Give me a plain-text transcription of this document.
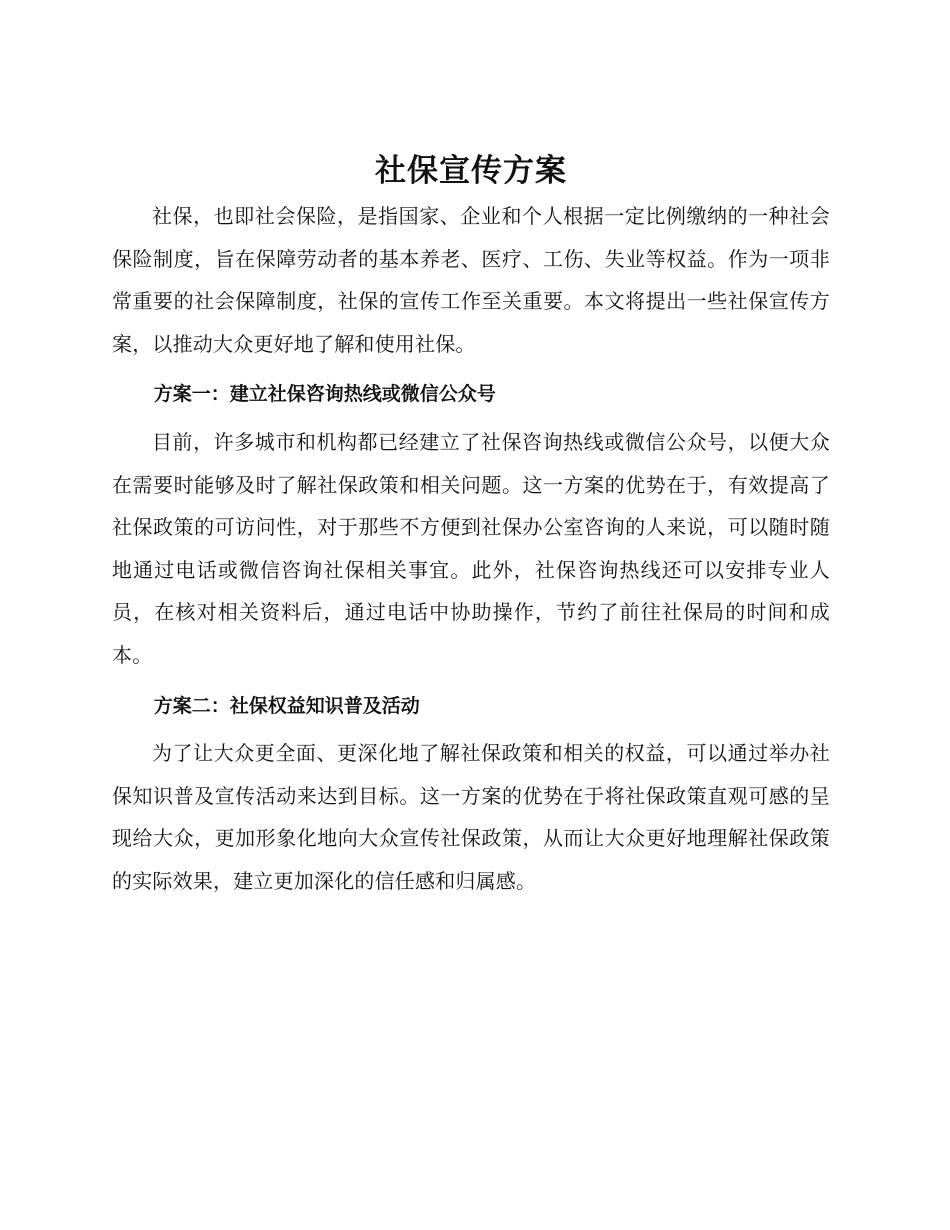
社保宣传方案

社保，也即社会保险，是指国家、企业和个人根据一定比例缴纳的一种社会保险制度，旨在保障劳动者的基本养老、医疗、工伤、失业等权益。作为一项非常重要的社会保障制度，社保的宣传工作至关重要。本文将提出一些社保宣传方案，以推动大众更好地了解和使用社保。

方案一：建立社保咨询热线或微信公众号

目前，许多城市和机构都已经建立了社保咨询热线或微信公众号，以便大众在需要时能够及时了解社保政策和相关问题。这一方案的优势在于，有效提高了社保政策的可访问性，对于那些不方便到社保办公室咨询的人来说，可以随时随地通过电话或微信咨询社保相关事宜。此外，社保咨询热线还可以安排专业人员，在核对相关资料后，通过电话中协助操作，节约了前往社保局的时间和成本。

方案二：社保权益知识普及活动

为了让大众更全面、更深化地了解社保政策和相关的权益，可以通过举办社保知识普及宣传活动来达到目标。这一方案的优势在于将社保政策直观可感的呈现给大众，更加形象化地向大众宣传社保政策，从而让大众更好地理解社保政策的实际效果，建立更加深化的信任感和归属感。
